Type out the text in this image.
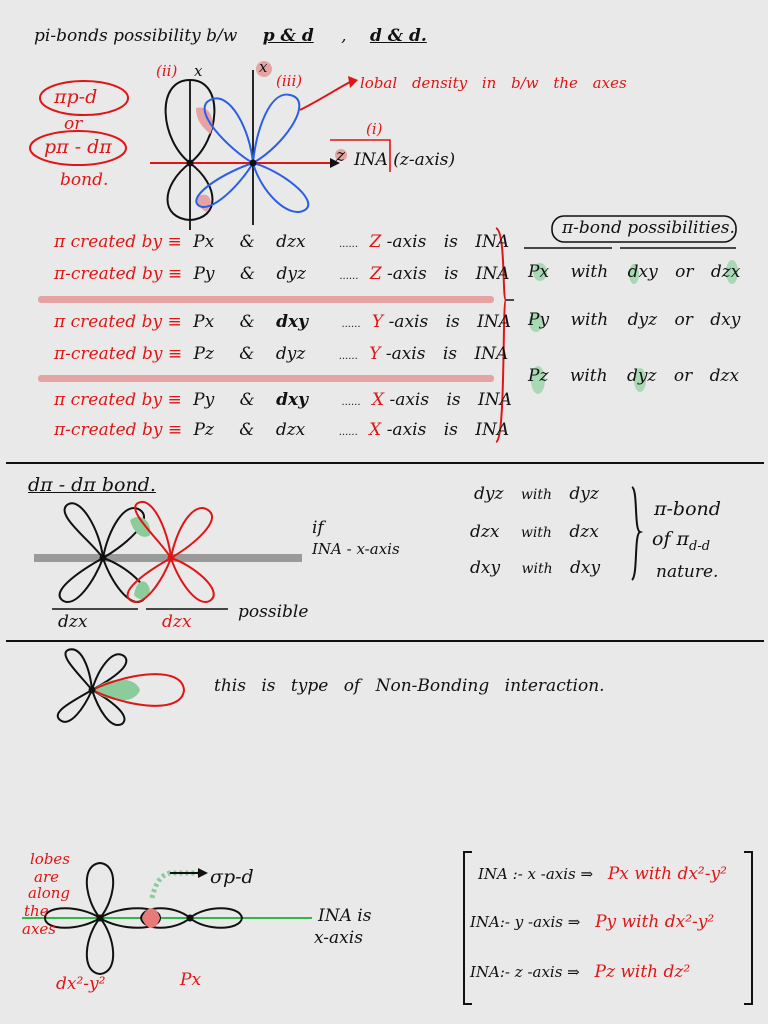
pi-bonds possibility b/w p & d , d & d.
(ii) x	x
(iii)
(i)
z INA (z-axis)
lobal density in b/w the axes
πp-d
or
pπ - dπ
bond.
π created by ≡ Px & dzx	...... Z -axis is INA
π-created by ≡ Py & dyz	...... Z -axis is INA
π created by ≡ Px & dxy	...... Y -axis is INA
π-created by ≡ Pz & dyz	...... Y -axis is INA
π created by ≡ Py & dxy	...... X -axis is INA
π-created by ≡ Pz & dzx	...... X -axis is INA
π-bond possibilities.
Px with dxy or dzx
Py with dyz or dxy
Pz with dyz or dzx
dπ - dπ bond.
if
INA - x-axis
dzx	dzx	possible
dyz with dyz
dzx with dzx
dxy with dxy
π-bond
of $\pi_{d-d}$
nature.
this is type of Non-Bonding interaction.
lobes
are
along
the
axes
σp-d
INA is
x-axis
dx²-y²	Px
INA :- x -axis ⇒ Px with dx²-y²
INA:- y -axis ⇒ Py with dx²-y²
INA:- z -axis ⇒ Pz with dz²
